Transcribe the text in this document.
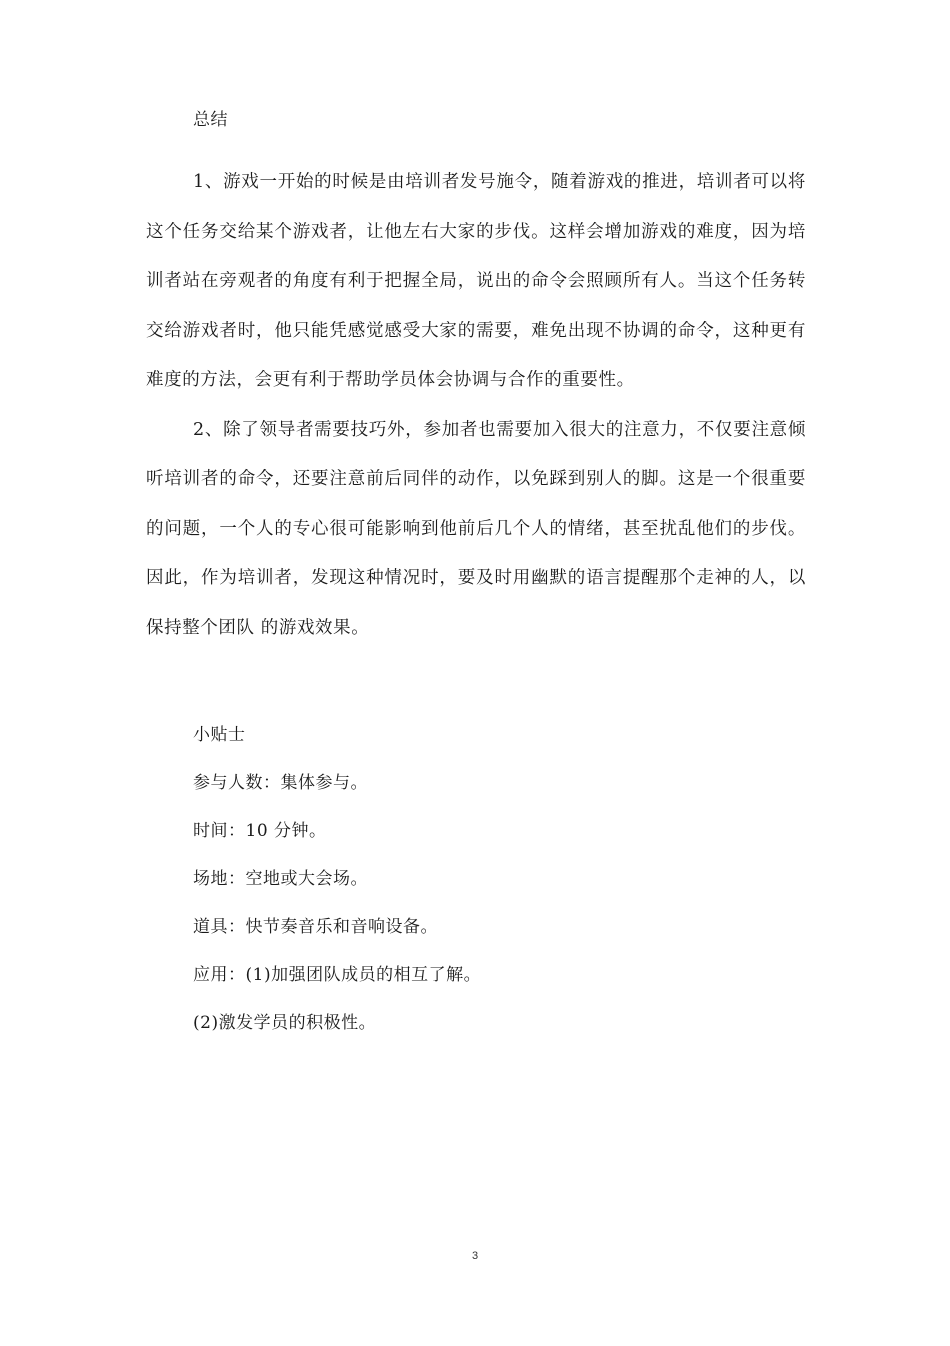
总结

1、游戏一开始的时候是由培训者发号施令，随着游戏的推进，培训者可以将这个任务交给某个游戏者，让他左右大家的步伐。这样会增加游戏的难度，因为培训者站在旁观者的角度有利于把握全局，说出的命令会照顾所有人。当这个任务转交给游戏者时，他只能凭感觉感受大家的需要，难免出现不协调的命令，这种更有难度的方法，会更有利于帮助学员体会协调与合作的重要性。

2、除了领导者需要技巧外，参加者也需要加入很大的注意力，不仅要注意倾听培训者的命令，还要注意前后同伴的动作，以免踩到别人的脚。这是一个很重要的问题，一个人的专心很可能影响到他前后几个人的情绪，甚至扰乱他们的步伐。因此，作为培训者，发现这种情况时，要及时用幽默的语言提醒那个走神的人，以保持整个团队 的游戏效果。

小贴士
参与人数：集体参与。
时间：10 分钟。
场地：空地或大会场。
道具：快节奏音乐和音响设备。
应用：(1)加强团队成员的相互了解。
(2)激发学员的积极性。
3
